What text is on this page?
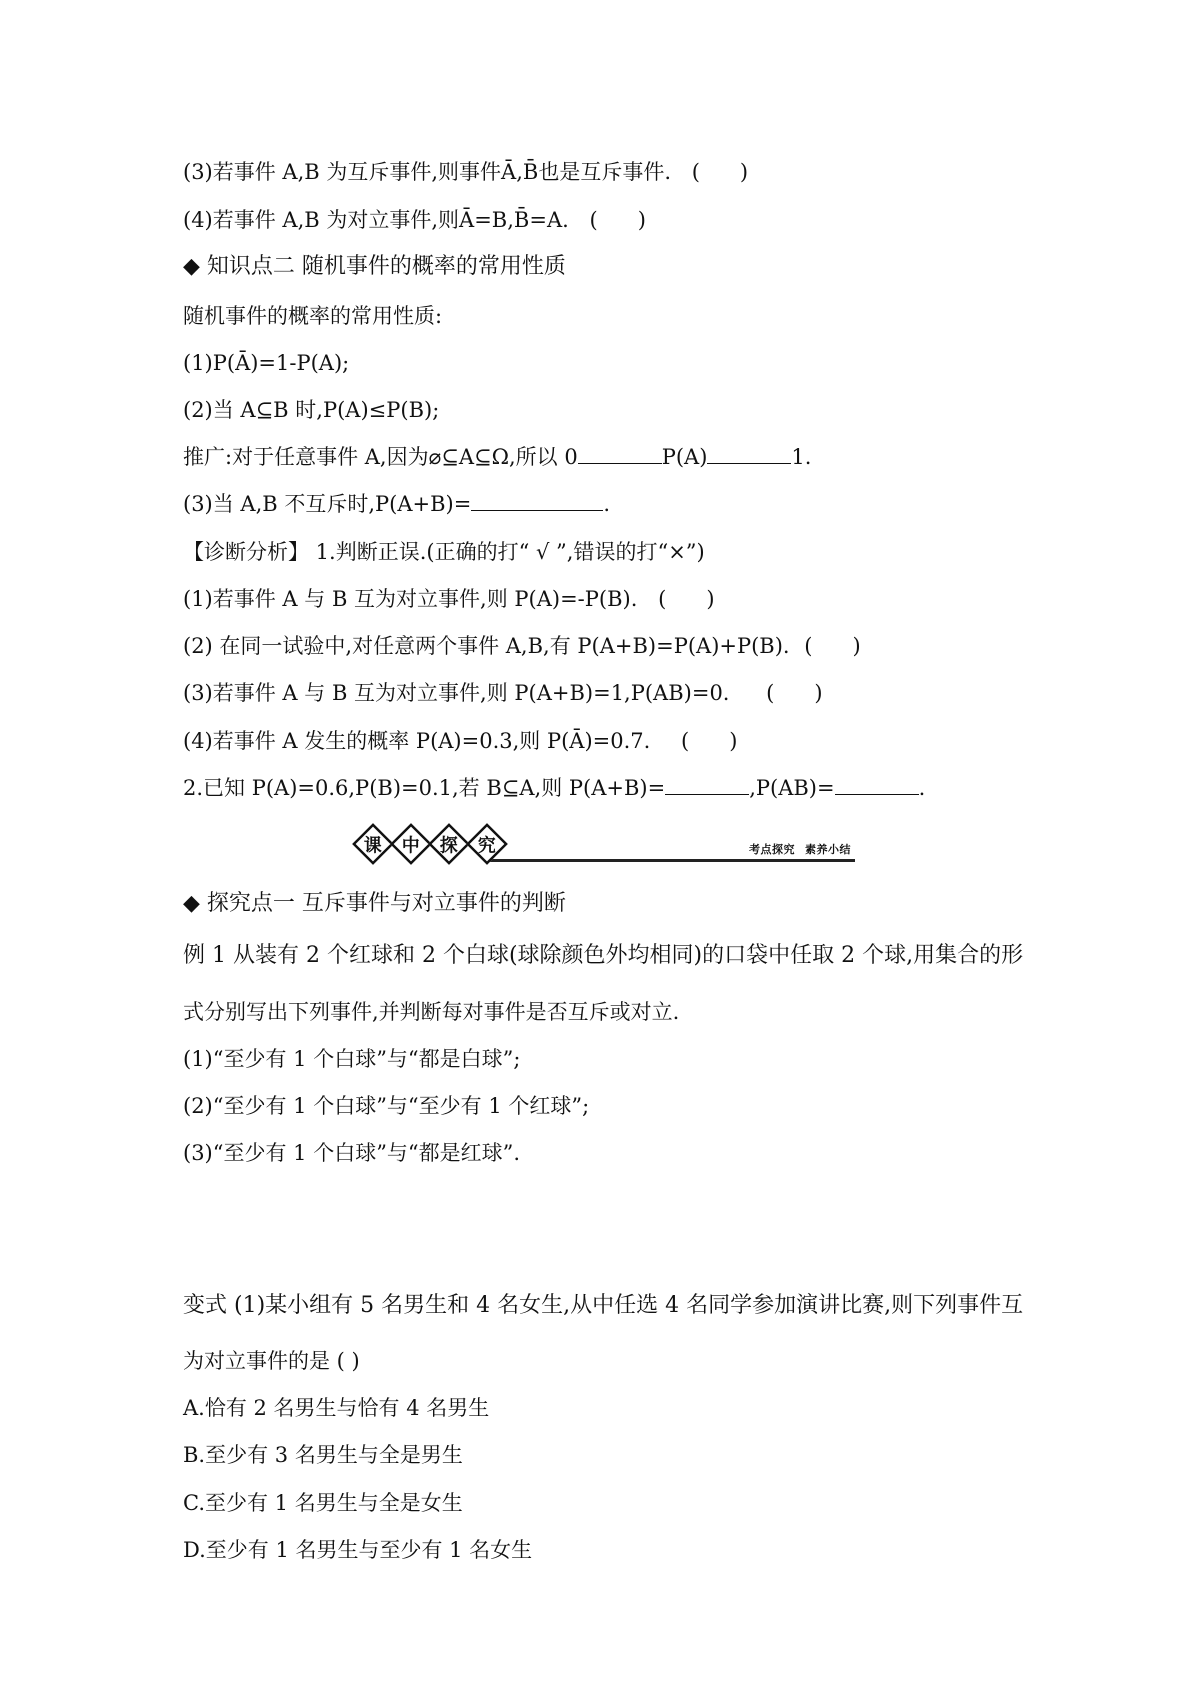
(3)若事件 A,B 为互斥事件,则事件Ā,B̄也是互斥事件. (      )
(4)若事件 A,B 为对立事件,则Ā=B,B̄=A. (      )
◆ 知识点二 随机事件的概率的常用性质
随机事件的概率的常用性质:
(1)P(Ā)=1-P(A);
(2)当 A⊆B 时,P(A)≤P(B);
推广:对于任意事件 A,因为⌀⊆A⊆Ω,所以 0	P(A)	1.
(3)当 A,B 不互斥时,P(A+B)=	.
【诊断分析】 1.判断正误.(正确的打“ √ ”,错误的打“×”)
(1)若事件 A 与 B 互为对立事件,则 P(A)=-P(B). (      )
(2) 在同一试验中,对任意两个事件 A,B,有 P(A+B)=P(A)+P(B). (      )
(3)若事件 A 与 B 互为对立事件,则 P(A+B)=1,P(AB)=0. (      )
(4)若事件 A 发生的概率 P(A)=0.3,则 P(Ā)=0.7. (      )
2.已知 P(A)=0.6,P(B)=0.1,若 B⊆A,则 P(A+B)=	,P(AB)=	.
课 中 探 究	考点探究 素养小结
◆ 探究点一 互斥事件与对立事件的判断
例 1 从装有 2 个红球和 2 个白球(球除颜色外均相同)的口袋中任取 2 个球,用集合的形
式分别写出下列事件,并判断每对事件是否互斥或对立.
(1)“至少有 1 个白球”与“都是白球”;
(2)“至少有 1 个白球”与“至少有 1 个红球”;
(3)“至少有 1 个白球”与“都是红球”.
变式 (1)某小组有 5 名男生和 4 名女生,从中任选 4 名同学参加演讲比赛,则下列事件互
为对立事件的是 ( )
A.恰有 2 名男生与恰有 4 名男生
B.至少有 3 名男生与全是男生
C.至少有 1 名男生与全是女生
D.至少有 1 名男生与至少有 1 名女生
